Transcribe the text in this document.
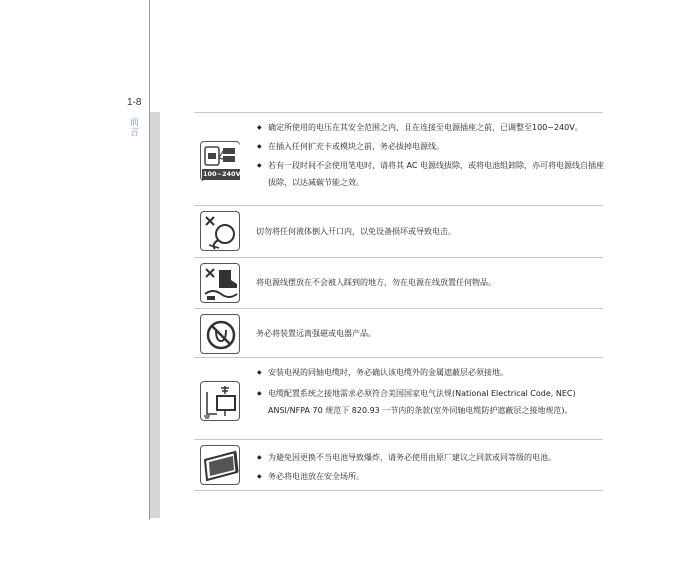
1-8
前
言
100~240V
◆ 确定所使用的电压在其安全范围之内，且在连接至电源插座之前，已调整至100~240V。
◆ 在插入任何扩充卡或模块之前，务必拔掉电源线。
◆ 若有一段时间不会使用笔电时，请将其 AC 电源线拔除，或将电池组卸除，亦可将电源线自插座拔除，以达减碳节能之效。
切勿将任何液体倒入开口内，以免设备损坏或导致电击。
将电源线摆放在不会被人踩到的地方，勿在电源在线放置任何物品。
务必将装置远离强磁或电器产品。
◆ 安装电视的同轴电缆时，务必确认该电缆外的金属遮蔽层必须接地。
◆ 电缆配置系统之接地需求必须符合美国国家电气法规(National Electrical Code, NEC) ANSI/NFPA 70 规范下 820.93 一节内的条款(室外同轴电缆防护遮蔽层之接地规范)。
◆ 为避免因更换不当电池导致爆炸，请务必使用由原厂建议之同款或同等级的电池。
◆ 务必将电池放在安全场所。
